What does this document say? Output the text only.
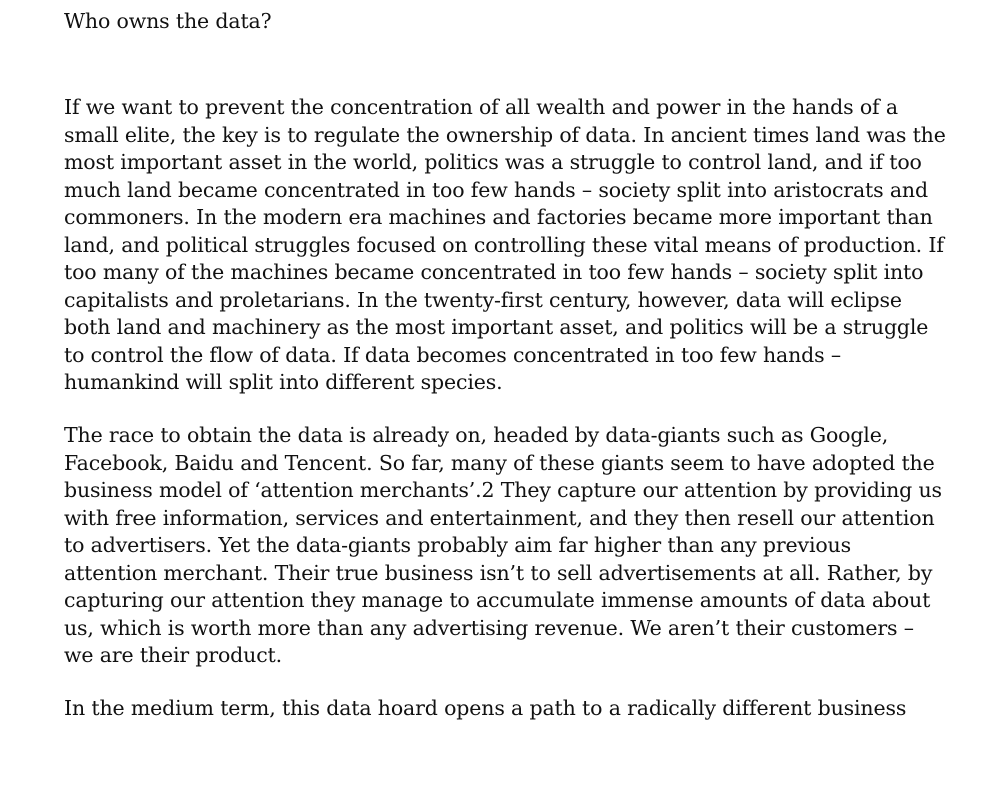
Who owns the data?

If we want to prevent the concentration of all wealth and power in the hands of a
small elite, the key is to regulate the ownership of data. In ancient times land was the
most important asset in the world, politics was a struggle to control land, and if too
much land became concentrated in too few hands – society split into aristocrats and
commoners. In the modern era machines and factories became more important than
land, and political struggles focused on controlling these vital means of production. If
too many of the machines became concentrated in too few hands – society split into
capitalists and proletarians. In the twenty-first century, however, data will eclipse
both land and machinery as the most important asset, and politics will be a struggle
to control the flow of data. If data becomes concentrated in too few hands –
humankind will split into different species.

The race to obtain the data is already on, headed by data-giants such as Google,
Facebook, Baidu and Tencent. So far, many of these giants seem to have adopted the
business model of ‘attention merchants’.2 They capture our attention by providing us
with free information, services and entertainment, and they then resell our attention
to advertisers. Yet the data-giants probably aim far higher than any previous
attention merchant. Their true business isn’t to sell advertisements at all. Rather, by
capturing our attention they manage to accumulate immense amounts of data about
us, which is worth more than any advertising revenue. We aren’t their customers –
we are their product.

In the medium term, this data hoard opens a path to a radically different business
